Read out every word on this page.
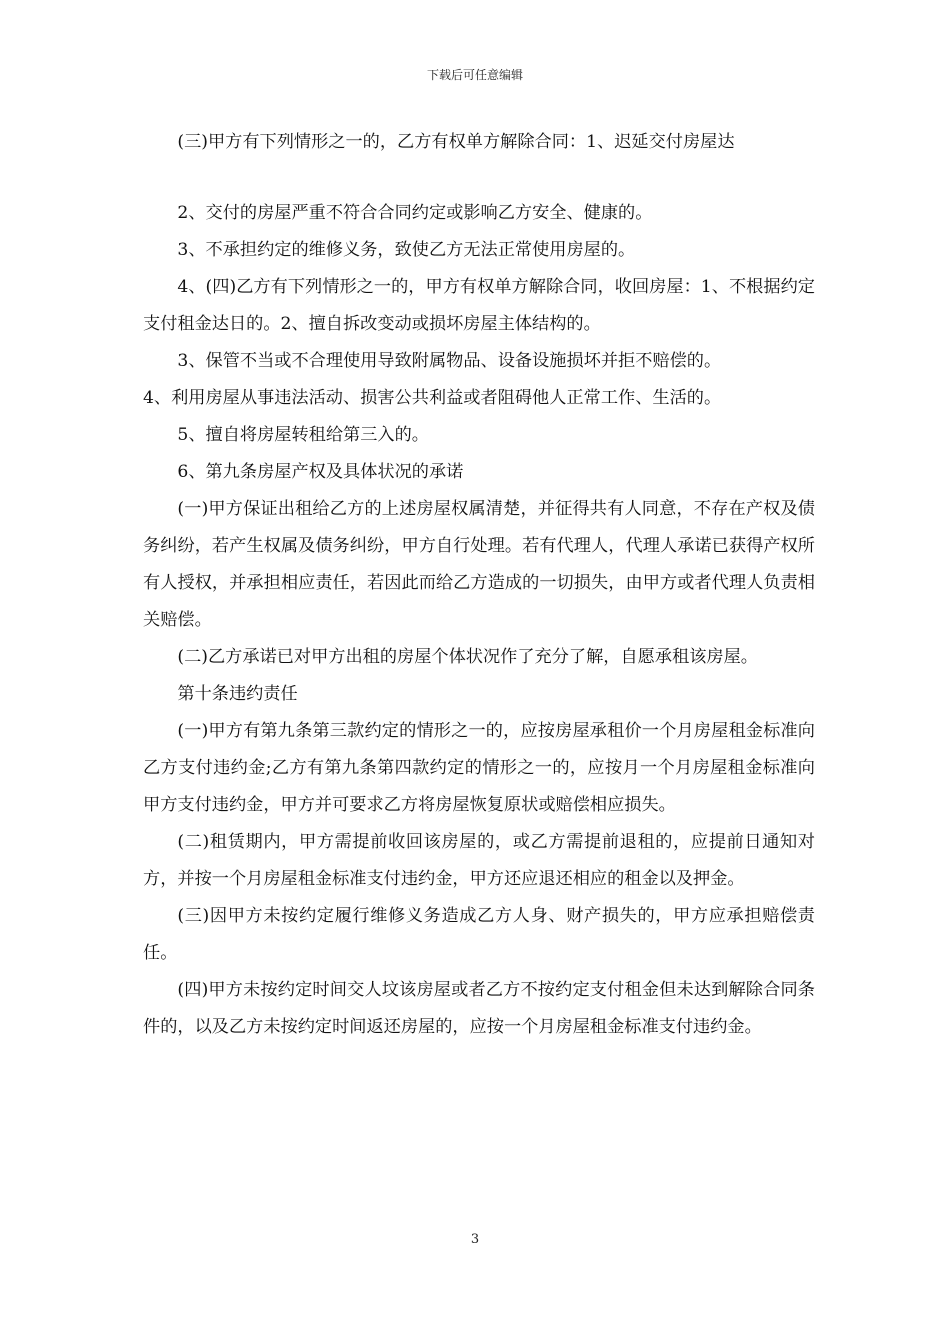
下载后可任意编辑

(三)甲方有下列情形之一的，乙方有权单方解除合同：1、迟延交付房屋达

2、交付的房屋严重不符合合同约定或影响乙方安全、健康的。

3、不承担约定的维修义务，致使乙方无法正常使用房屋的。

4、(四)乙方有下列情形之一的，甲方有权单方解除合同，收回房屋：1、不根据约定支付租金达日的。2、擅自拆改变动或损坏房屋主体结构的。

3、保管不当或不合理使用导致附属物品、设备设施损坏并拒不赔偿的。

4、利用房屋从事违法活动、损害公共利益或者阻碍他人正常工作、生活的。

5、擅自将房屋转租给第三入的。

6、第九条房屋产权及具体状况的承诺

(一)甲方保证出租给乙方的上述房屋权属清楚，并征得共有人同意，不存在产权及债务纠纷，若产生权属及债务纠纷，甲方自行处理。若有代理人，代理人承诺已获得产权所有人授权，并承担相应责任，若因此而给乙方造成的一切损失，由甲方或者代理人负责相关赔偿。

(二)乙方承诺已对甲方出租的房屋个体状况作了充分了解，自愿承租该房屋。

第十条违约责任

(一)甲方有第九条第三款约定的情形之一的，应按房屋承租价一个月房屋租金标准向乙方支付违约金;乙方有第九条第四款约定的情形之一的，应按月一个月房屋租金标准向甲方支付违约金，甲方并可要求乙方将房屋恢复原状或赔偿相应损失。

(二)租赁期内，甲方需提前收回该房屋的，或乙方需提前退租的，应提前日通知对方，并按一个月房屋租金标准支付违约金，甲方还应退还相应的租金以及押金。

(三)因甲方未按约定履行维修义务造成乙方人身、财产损失的，甲方应承担赔偿责任。

(四)甲方未按约定时间交人坟该房屋或者乙方不按约定支付租金但未达到解除合同条件的，以及乙方未按约定时间返还房屋的，应按一个月房屋租金标准支付违约金。

3
